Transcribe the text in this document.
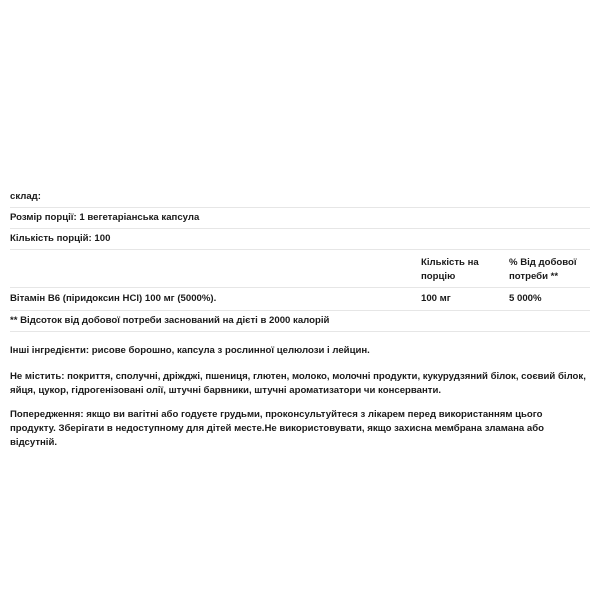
склад:
Розмір порції:
1 вегетаріанська капсула
Кількість порцій:
100
Кількість на порцію
% Від добової потреби **
Вітамін B6 (піридоксин HCl) 100 мг (5000%).	100 мг	5 000%
** Відсоток від добової потреби заснований на дієті в 2000 калорій
Інші інгредієнти: рисове борошно, капсула з рослинної целюлози і лейцин.
Не містить: покриття, сполучні, дріжджі, пшениця, глютен, молоко, молочні продукти, кукурудзяний білок, соєвий білок, яйця, цукор, гідрогенізовані олії, штучні барвники, штучні ароматизатори чи консерванти.
Попередження: якщо ви вагітні або годуєте грудьми, проконсультуйтеся з лікарем перед використанням цього продукту. Зберігати в недоступному для дітей месте.Не використовувати, якщо захисна мембрана зламана або відсутній.
